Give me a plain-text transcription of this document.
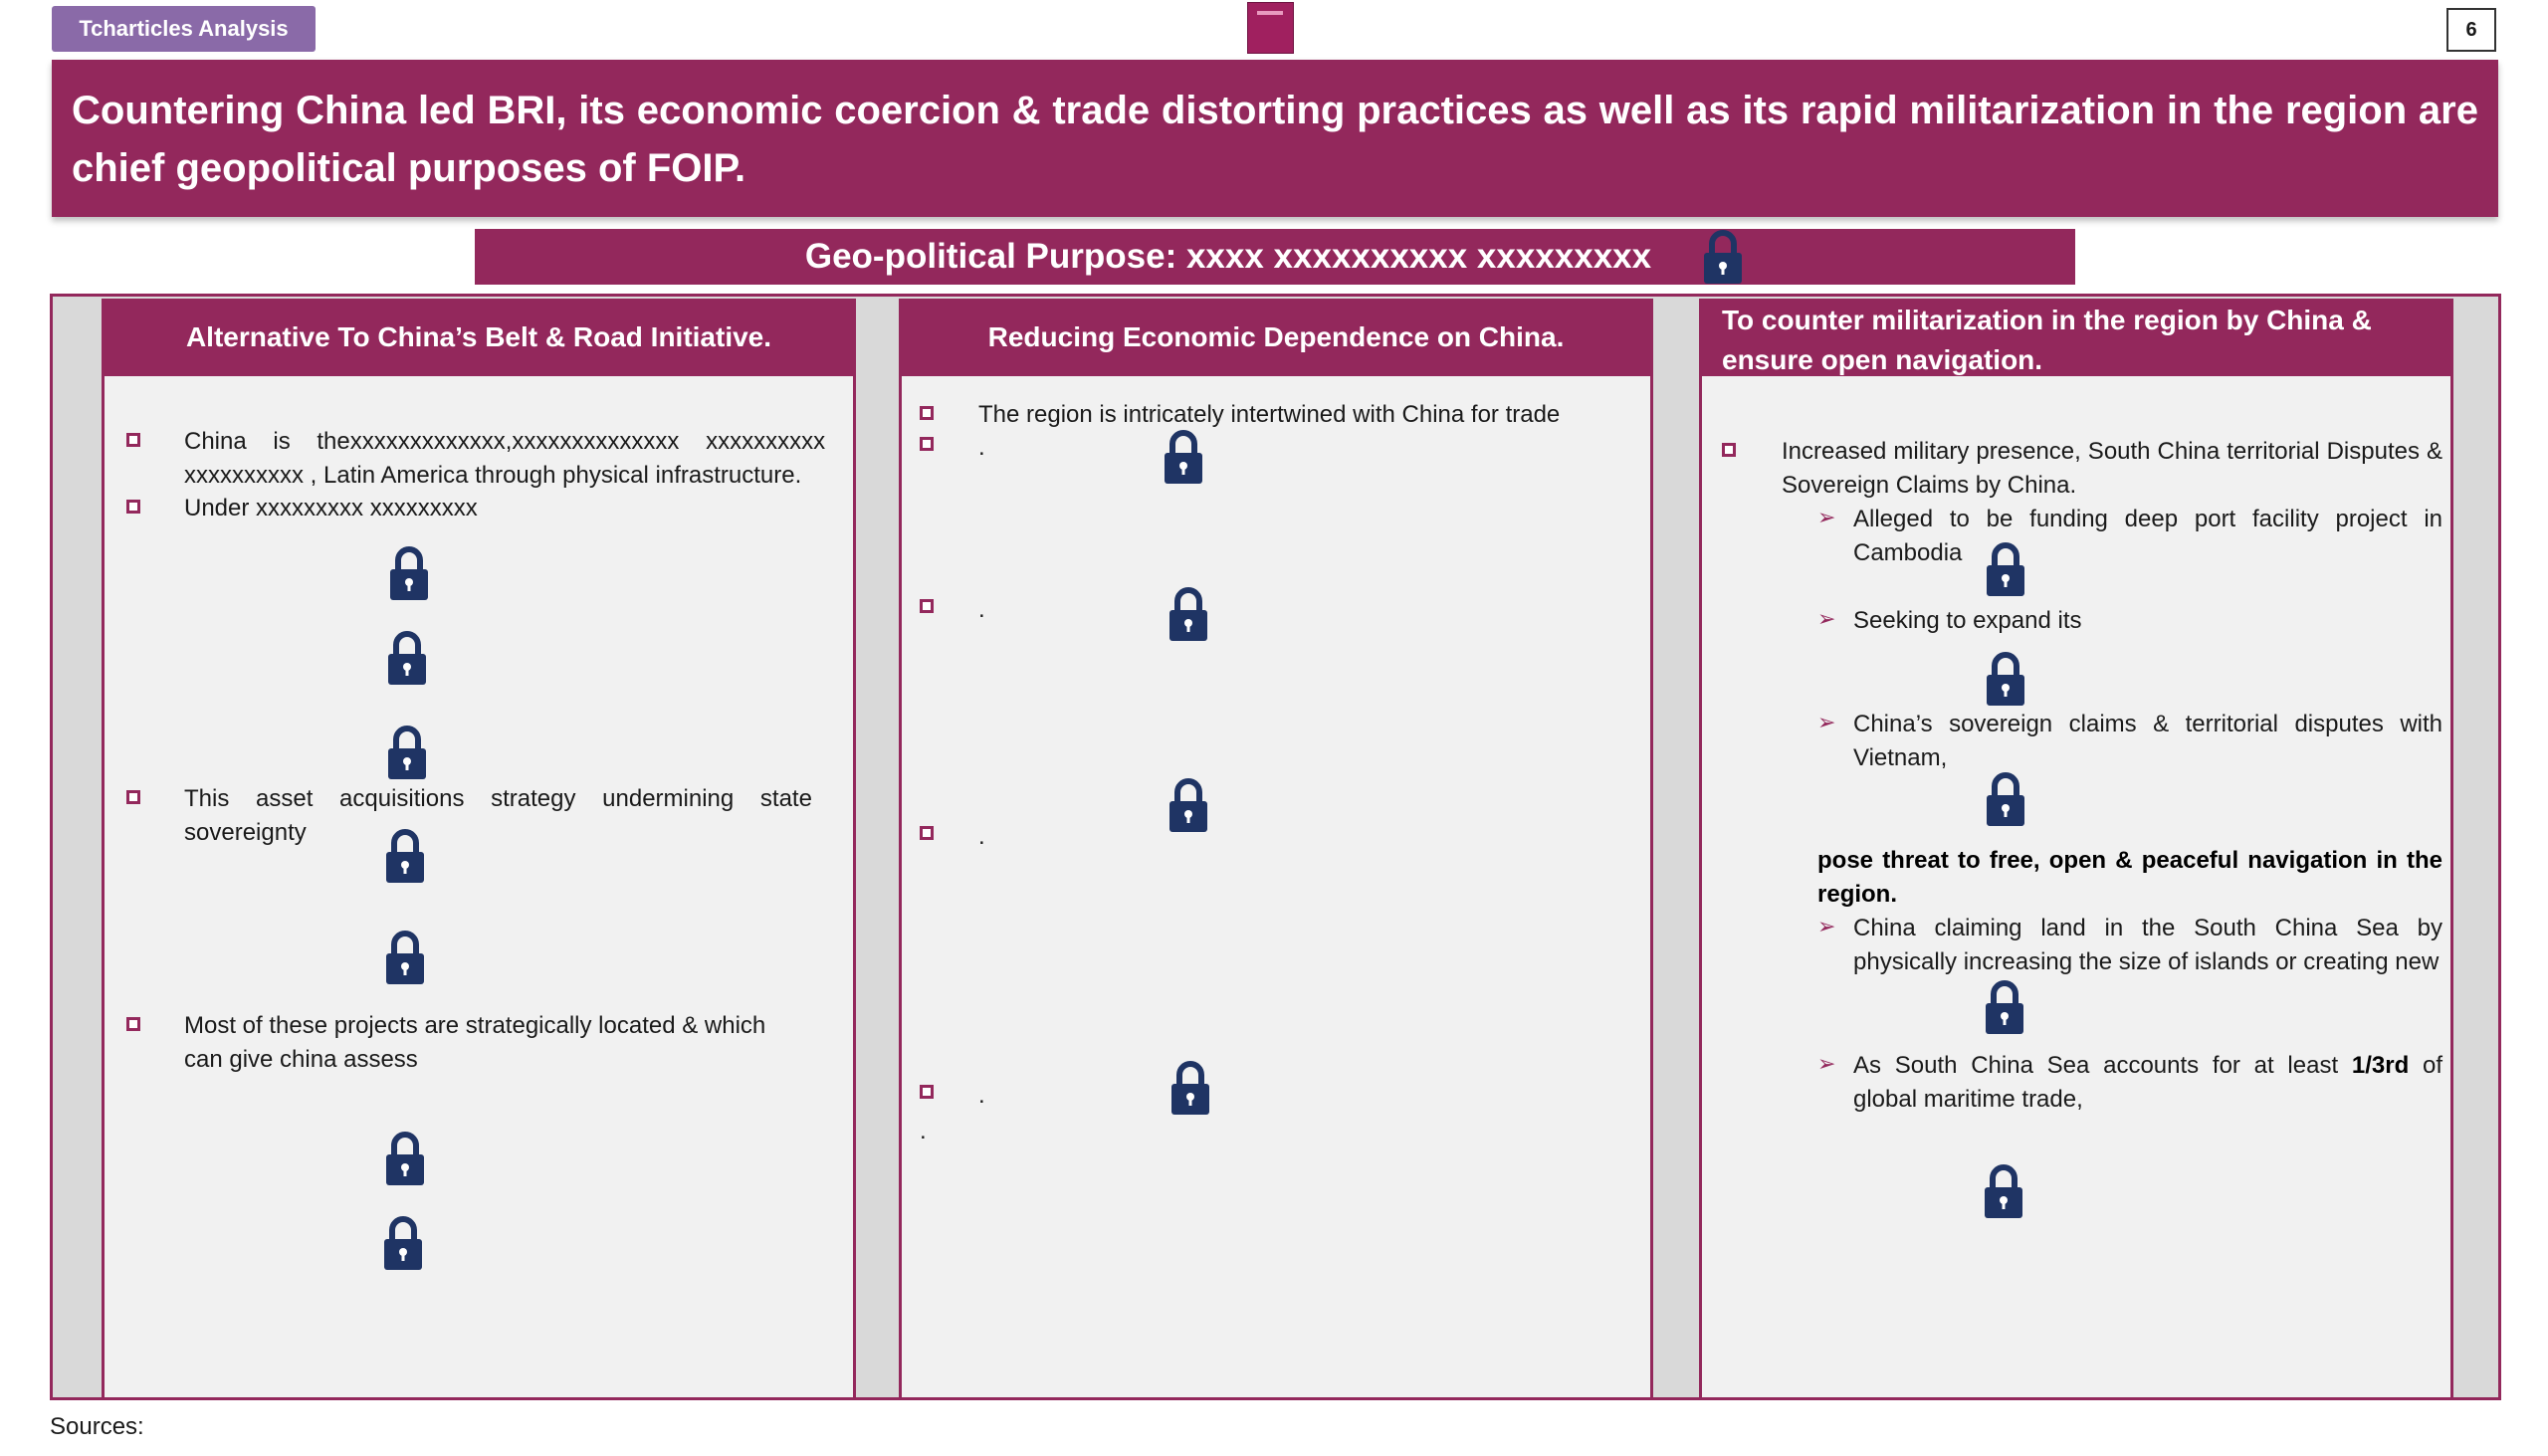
Tcharticles Analysis	6
Countering China led BRI, its economic coercion & trade distorting practices as well as its rapid militarization in the region are chief geopolitical purposes of FOIP.
Geo-political Purpose: xxxx xxxxxxxxxx xxxxxxxxx
Alternative To China’s Belt & Road Initiative.
China    is    thexxxxxxxxxxxxx,xxxxxxxxxxxxxx    xxxxxxxxxx
xxxxxxxxxx , Latin America through physical infrastructure.
Under xxxxxxxxx xxxxxxxxx
This    asset    acquisitions    strategy    undermining    state
sovereignty
Most of these projects are strategically located & which
can give china assess
Reducing Economic Dependence on China.
The region is intricately intertwined with China for trade
.
.
.
.
.
To counter militarization in the region by China & ensure open navigation.
Increased military presence, South China territorial Disputes & Sovereign Claims by China.
➢ Alleged to be funding deep port facility project in Cambodia
➢ Seeking to expand its
➢ China’s sovereign claims & territorial disputes with Vietnam,
pose threat to free, open & peaceful navigation in the region.
➢ China claiming land in the South China Sea by physically increasing the size of islands or creating new
➢ As South China Sea accounts for at least 1/3rd of global maritime trade,
Sources:
